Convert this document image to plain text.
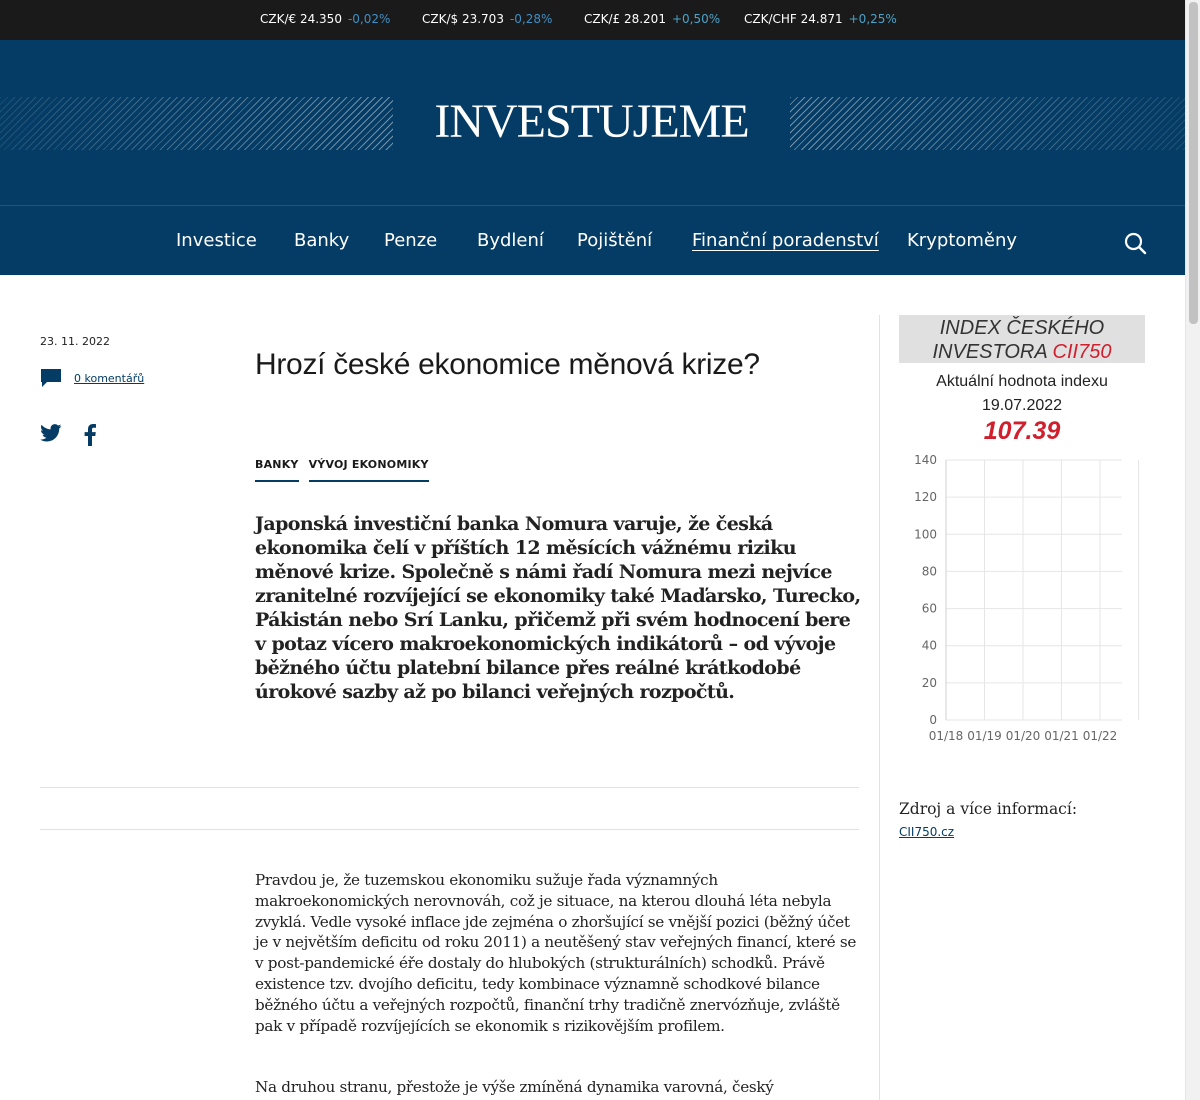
CZK/€ 24.350 -0,02%	CZK/$ 23.703 -0,28%	CZK/£ 28.201 +0,50% CZK/CHF 24.871 +0,25%
INVESTUJEME
Investice Banky Penze Bydlení Pojištění Finanční poradenství Kryptoměny
23. 11. 2022
0 komentářů	Hrozí české ekonomice měnová krize?
BANKY VÝVOJ EKONOMIKY

Japonská investiční banka Nomura varuje, že česká ekonomika čelí v příštích 12 měsících vážnému riziku měnové krize. Společně s námi řadí Nomura mezi nejvíce zranitelné rozvíjející se ekonomiky také Maďarsko, Turecko, Pákistán nebo Srí Lanku, přičemž při svém hodnocení bere v potaz vícero makroekonomických indikátorů – od vývoje běžného účtu platební bilance přes reálné krátkodobé úrokové sazby až po bilanci veřejných rozpočtů.

Pravdou je, že tuzemskou ekonomiku sužuje řada významných makroekonomických nerovnováh, což je situace, na kterou dlouhá léta nebyla zvyklá. Vedle vysoké inflace jde zejména o zhoršující se vnější pozici (běžný účet je v největším deficitu od roku 2011) a neutěšený stav veřejných financí, které se v post-pandemické éře dostaly do hlubokých (strukturálních) schodků. Právě existence tzv. dvojího deficitu, tedy kombinace významně schodkové bilance běžného účtu a veřejných rozpočtů, finanční trhy tradičně znervózňuje, zvláště pak v případě rozvíjejících se ekonomik s rizikovějším profilem.

Na druhou stranu, přestože je výše zmíněná dynamika varovná, český

INDEX ČESKÉHO INVESTORA CII750
Aktuální hodnota indexu
19.07.2022
107.39
0
20
40
60
80
100
120
140
01/18 01/19 01/20 01/21 01/22
Zdroj a více informací:
CII750.cz
